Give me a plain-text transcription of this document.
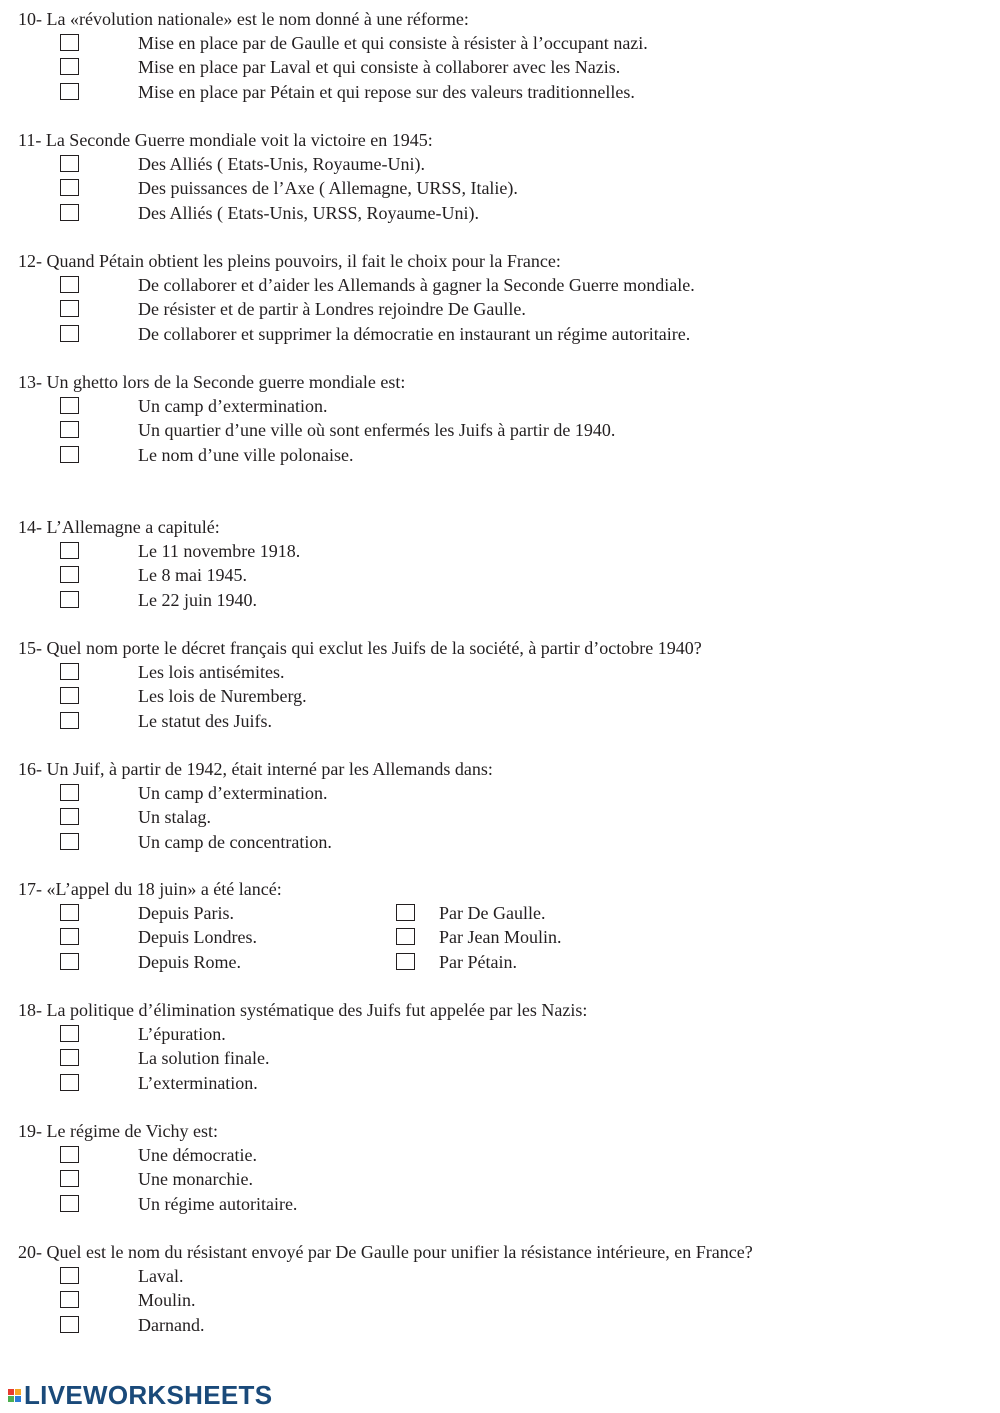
10- La «révolution nationale» est le nom donné à une réforme:
Mise en place par de Gaulle et qui consiste à résister à l’occupant nazi.
Mise en place par Laval et qui consiste à collaborer avec les Nazis.
Mise en place par Pétain et qui repose sur des valeurs traditionnelles.
11- La Seconde Guerre mondiale voit la victoire en 1945:
Des Alliés ( Etats-Unis, Royaume-Uni).
Des puissances de l’Axe ( Allemagne, URSS, Italie).
Des Alliés ( Etats-Unis, URSS, Royaume-Uni).
12- Quand Pétain obtient les pleins pouvoirs, il fait le choix pour la France:
De collaborer et d’aider les Allemands à gagner la Seconde Guerre mondiale.
De résister et de partir à Londres rejoindre De Gaulle.
De collaborer et supprimer la démocratie en instaurant un régime autoritaire.
13- Un ghetto lors de la Seconde guerre mondiale est:
Un camp d’extermination.
Un quartier d’une ville où sont enfermés les Juifs à partir de 1940.
Le nom d’une ville polonaise.
14- L’Allemagne a capitulé:
Le 11 novembre 1918.
Le 8 mai 1945.
Le 22 juin 1940.
15- Quel nom porte le décret français qui exclut les Juifs de la société, à partir d’octobre 1940?
Les lois antisémites.
Les lois de Nuremberg.
Le statut des Juifs.
16- Un Juif, à partir de 1942, était interné par les Allemands dans:
Un camp d’extermination.
Un stalag.
Un camp de concentration.
17- «L’appel du 18 juin» a été lancé:
Depuis Paris.	Par De Gaulle.
Depuis Londres.	Par Jean Moulin.
Depuis Rome.	Par Pétain.
18- La politique d’élimination systématique des Juifs fut appelée par les Nazis:
L’épuration.
La solution finale.
L’extermination.
19- Le régime de Vichy est:
Une démocratie.
Une monarchie.
Un régime autoritaire.
20- Quel est le nom du résistant envoyé par De Gaulle pour unifier la résistance intérieure, en France?
Laval.
Moulin.
Darnand.
LIVEWORKSHEETS
